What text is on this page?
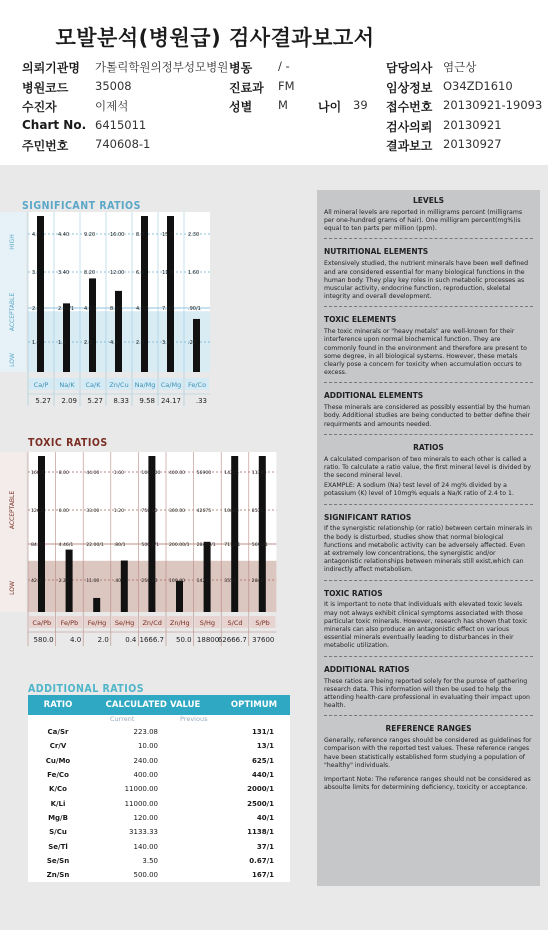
모발분석(병원급) 검사결과보고서
의뢰기관명 가톨릭학원의정부성모병원
병원코드 35008
수진자	이제석
Chart No. 6415011
주민번호 740608-1
병동 / -
진료과 FM
성별 M	나이 39
담당의사 염근상
임상정보 O34ZD1610
접수번호 20130921-19093
검사의뢰 20130921
결과보고 20130927
SIGNIFICANT RATIOS
HIGH
ACCEPTABLE
LOW
4.0
3.0
2.0
1.5
Ca/P
5.27
4.40
3.40
2.40/1
1.4
Na/K
2.09
9.20
8.20
4.2/1
2.2
Ca/K
5.27
16.00
12.00
8.0/1
4.0
Zn/Cu
8.33
8.0
6.0
4.0/1
2.0
Na/Mg
9.58
15.0
11.0
7.0/1
3.0
Ca/Mg
24.17
2.30
1.60
.90/1
.20
Fe/Co
.33
TOXIC RATIOS
ACCEPTABLE
LOW
168.0
126.0
84.0/1
42.0
Ca/Pb
580.0
8.00
6.00
4.46/1
2.20
Fe/Pb
4.0
44.00
33.00
22.00/1
11.00
Fe/Hg
2.0
1.60
1.20
.80/1
.40
Se/Hg
0.4
1000.00
750.00
500.0/1
250.00
Zn/Cd
1666.7
400.00
300.00
200.00/1
100.00
Zn/Hg
50.0
56900
42675
28450/1
1422
S/Hg
18800
14225
10669
7112/1
3556
S/Cd
62666.7
11380
8535
5690/1
2845
S/Pb
37600
ADDITIONAL RATIOS
RATIO	CALCULATED VALUE	OPTIMUM
Current	Previous
Ca/Sr	223.08	131/1
Cr/V	10.00	13/1
Cu/Mo	240.00	625/1
Fe/Co	400.00	440/1
K/Co	11000.00	2000/1
K/Li	11000.00	2500/1
Mg/B	120.00	40/1
S/Cu	3133.33	1138/1
Se/Tl	140.00	37/1
Se/Sn	3.50	0.67/1
Zn/Sn	500.00	167/1
LEVELS
All mineral levels are reported in milligrams percent (milligrams per one-hundred grams of hair). One milligram percent(mg%)is equal to ten parts per million (ppm).
NUTRITIONAL ELEMENTS
Extensively studied, the nutrient minerals have been well defined and are considered essential for many biological functions in the human body. They play key roles in such metabolic processes as muscular activity, endocrine function, reproduction, skeletal integrity and overall development.
TOXIC ELEMENTS
The toxic minerals or "heavy metals" are well-known for their interference upon normal biochemical function. They are commonly found in the environment and therefore are present to some degree, in all biological systems. However, these metals clearly pose a concern for toxicity when accumulation occurs to excess.
ADDITIONAL ELEMENTS
These minerals are considered as possibly essential by the human body. Additional studies are being conducted to better define their requirments and amounts needed.
RATIOS
A calculated comparison of two minerals to each other is called a ratio. To calculate a ratio value, the first mineral level is divided by the second mineral level.
EXAMPLE: A sodium (Na) test level of 24 mg% divided by a potassium (K) level of 10mg% equals a Na/K ratio of 2.4 to 1.
SIGNIFICANT RATIOS
If the synergistic relationship (or ratio) between certain minerals in the body is disturbed, studies show that normal biological functions and metabolic activity can be adversely affected. Even at extremely low concentrations, the synergistic and/or antagonistic relationships between minerals still exist,which can indirectly affect metabolism.
TOXIC RATIOS
It is important to note that individuals with elevated toxic levels may not always exhibit clinical symptoms associated with those particular toxic minerals. However, research has shown that toxic minerals can also produce an antagonistic effect on various essential minerals eventually leading to disturbances in their metabolic utilization.
ADDITIONAL RATIOS
These ratios are being reported solely for the purose of gathering research data. This information will then be used to help the attending health-care professional in evaluating their impact upon health.
REFERENCE RANGES
Generally, reference ranges should be considered as guidelines for comparison with the reported test values. These reference ranges have been statistically established form studying a population of "healthy" individuals.
Important Note: The reference ranges should not be considered as absoulte limits for determining deficiency, toxicity or acceptance.
